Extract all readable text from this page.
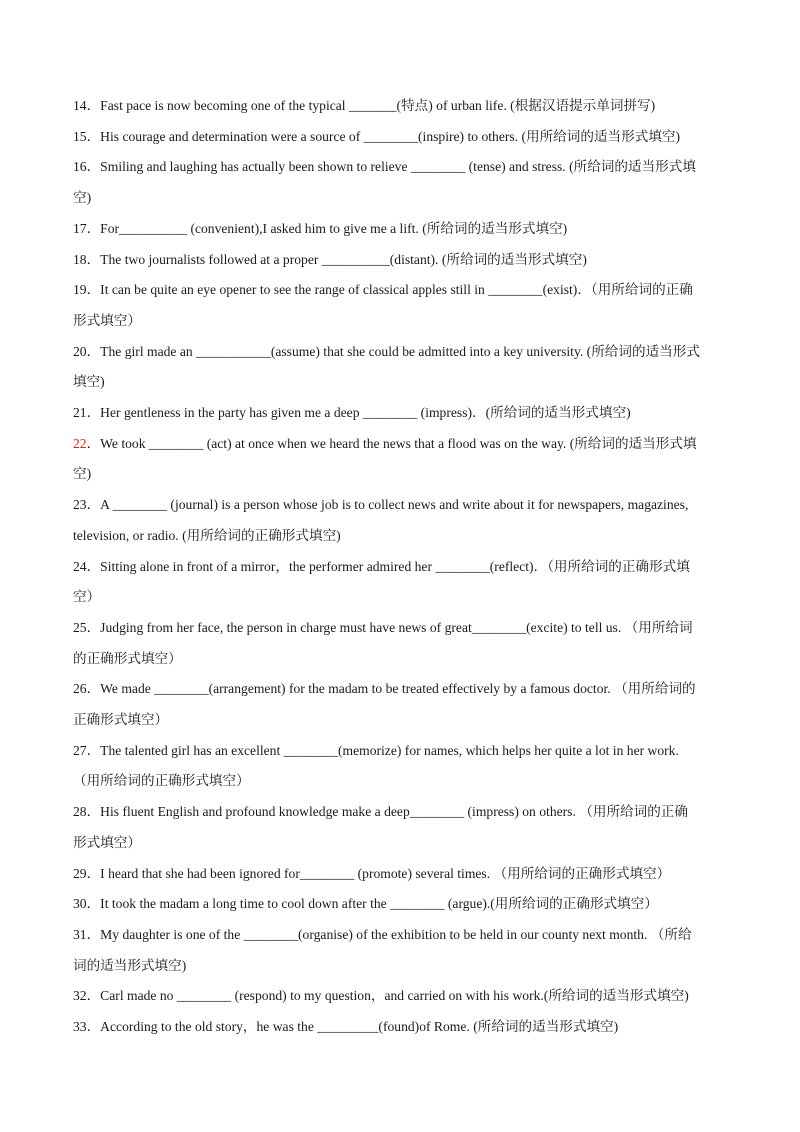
14．Fast pace is now becoming one of the typical _______(特点) of urban life. (根据汉语提示单词拼写)
15．His courage and determination were a source of ________(inspire) to others. (用所给词的适当形式填空)
16．Smiling and laughing has actually been shown to relieve ________ (tense) and stress. (所给词的适当形式填
空)
17．For__________ (convenient),I asked him to give me a lift. (所给词的适当形式填空)
18．The two journalists followed at a proper __________(distant). (所给词的适当形式填空)
19．It can be quite an eye opener to see the range of classical apples still in ________(exist)．（用所给词的正确
形式填空）
20．The girl made an ___________(assume) that she could be admitted into a key university. (所给词的适当形式
填空)
21．Her gentleness in the party has given me a deep ________ (impress)．(所给词的适当形式填空)
22．We took ________ (act) at once when we heard the news that a flood was on the way. (所给词的适当形式填
空)
23．A ________ (journal) is a person whose job is to collect news and write about it for newspapers, magazines,
television, or radio. (用所给词的正确形式填空)
24．Sitting alone in front of a mirror，the performer admired her ________(reflect)．（用所给词的正确形式填
空）
25．Judging from her face, the person in charge must have news of great________(excite) to tell us. （用所给词
的正确形式填空）
26．We made ________(arrangement) for the madam to be treated effectively by a famous doctor. （用所给词的
正确形式填空）
27．The talented girl has an excellent ________(memorize) for names, which helps her quite a lot in her work.
（用所给词的正确形式填空）
28．His fluent English and profound knowledge make a deep________ (impress) on others. （用所给词的正确
形式填空）
29．I heard that she had been ignored for________ (promote) several times. （用所给词的正确形式填空）
30．It took the madam a long time to cool down after the ________ (argue).(用所给词的正确形式填空）
31．My daughter is one of the ________(organise) of the exhibition to be held in our county next month. （所给
词的适当形式填空)
32．Carl made no ________ (respond) to my question，and carried on with his work.(所给词的适当形式填空)
33．According to the old story，he was the _________(found)of Rome. (所给词的适当形式填空)
